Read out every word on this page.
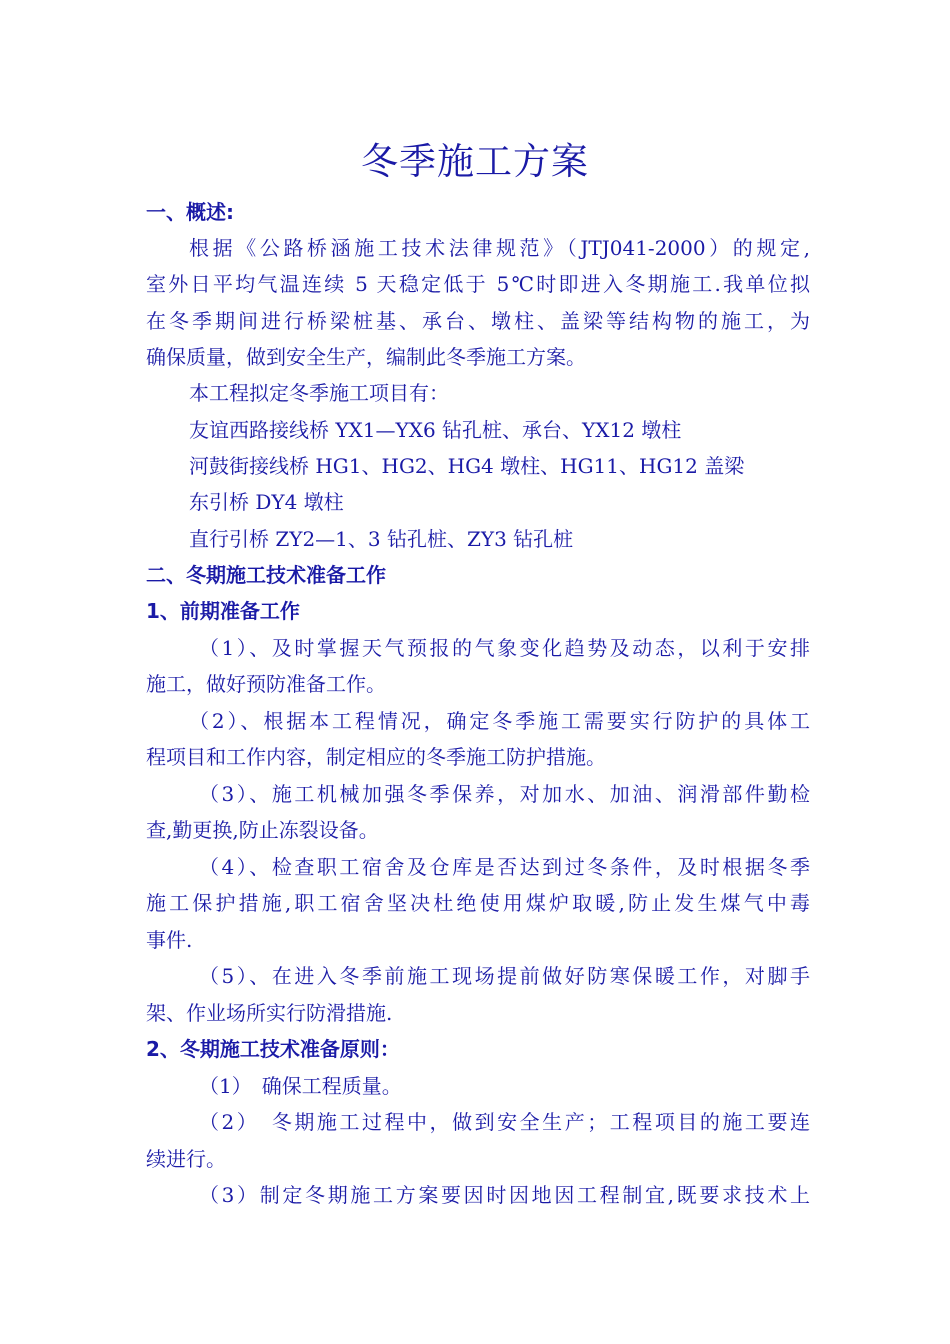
冬季施工方案
一、概述:
根据《公路桥涵施工技术法律规范》（JTJ041-2000）的规定,
室外日平均气温连续 5 天稳定低于 5℃时即进入冬期施工.我单位拟
在冬季期间进行桥梁桩基、承台、墩柱、盖梁等结构物的施工，为
确保质量，做到安全生产，编制此冬季施工方案。
本工程拟定冬季施工项目有：
友谊西路接线桥 YX1—YX6 钻孔桩、承台、YX12 墩柱
河鼓街接线桥 HG1、HG2、HG4 墩柱、HG11、HG12 盖梁
东引桥 DY4 墩柱
直行引桥 ZY2—1、3 钻孔桩、ZY3 钻孔桩
二、冬期施工技术准备工作
1、前期准备工作
（1）、及时掌握天气预报的气象变化趋势及动态，以利于安排
施工，做好预防准备工作。
（2）、根据本工程情况，确定冬季施工需要实行防护的具体工
程项目和工作内容，制定相应的冬季施工防护措施。
（3）、施工机械加强冬季保养，对加水、加油、润滑部件勤检
查,勤更换,防止冻裂设备。
（4）、检查职工宿舍及仓库是否达到过冬条件，及时根据冬季
施工保护措施,职工宿舍坚决杜绝使用煤炉取暖,防止发生煤气中毒
事件.
（5）、在进入冬季前施工现场提前做好防寒保暖工作，对脚手
架、作业场所实行防滑措施.
2、冬期施工技术准备原则：
（1）　确保工程质量。
（2）　冬期施工过程中，做到安全生产；工程项目的施工要连
续进行。
（3）制定冬期施工方案要因时因地因工程制宜,既要求技术上
